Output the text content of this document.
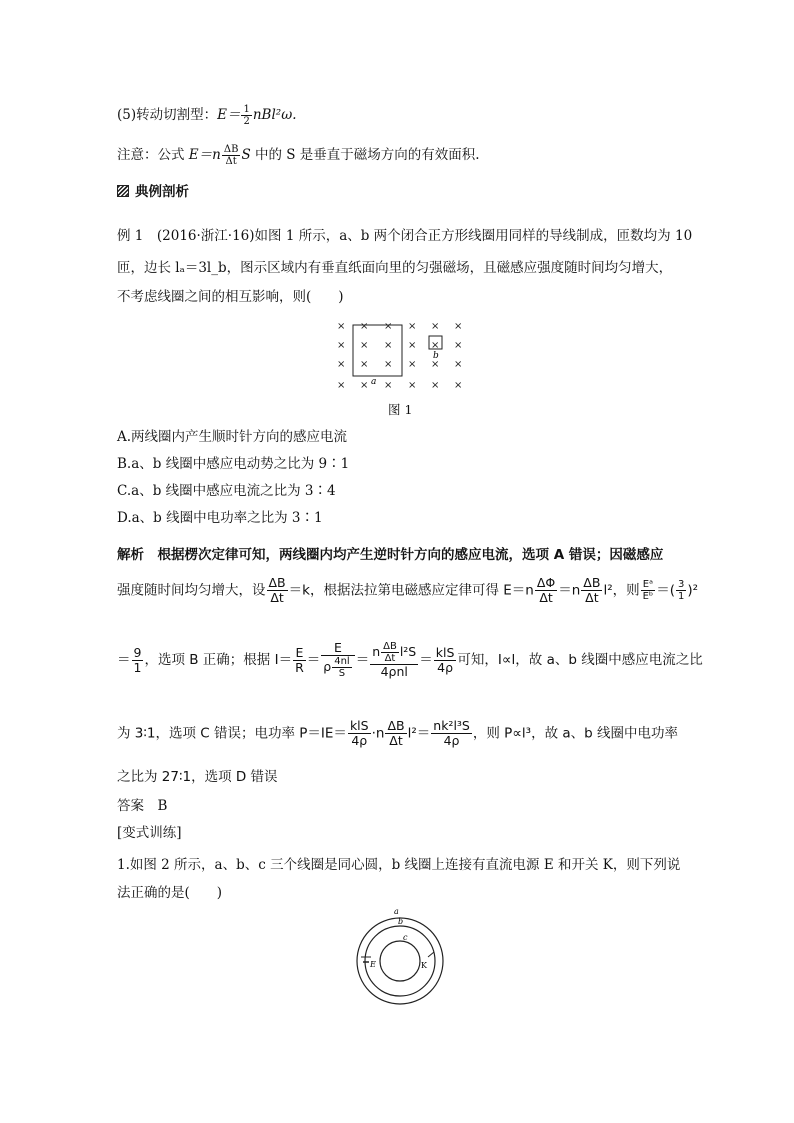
(5)转动切割型：$E= \frac{1}{2} nBl^2\omega$.
注意：公式 $E=n \frac{\Delta B}{\Delta t}$ S 中的 S 是垂直于磁场方向的有效面积.
典例剖析
例 1　(2016·浙江·16)如图 1 所示，a、b 两个闭合正方形线圈用同样的导线制成，匝数均为 10
匝，边长 lₐ＝3l_b，图示区域内有垂直纸面向里的匀强磁场，且磁感应强度随时间均匀增大，
不考虑线圈之间的相互影响，则(　　)
× × × × × ×
× × × × × ×
× × × × × ×
× × × × × ×
a
b
图 1
A.两线圈内产生顺时针方向的感应电流
B.a、b 线圈中感应电动势之比为 9∶1
C.a、b 线圈中感应电流之比为 3∶4
D.a、b 线圈中电功率之比为 3∶1
解析　根据楞次定律可知，两线圈内均产生逆时针方向的感应电流，选项 A 错误；因磁感应
强度随时间均匀增大，设 $\frac{\Delta B}{\Delta t} =k$，根据法拉第电磁感应定律可得 $E=n \frac{\Delta\Phi}{\Delta t} =n \frac{\Delta B}{\Delta t} l^2$，则 $\frac{\text{Eᵃ}}{\text{Eᵇ}}$ ＝( $\frac{3}{1} )^2$
＝ $\frac{9}{1}$ ，选项 B 正确；根据 $I= \frac{E}{R} = \frac{E}{\rho \frac{4nl}{S}} = \frac{n \frac{\Delta B}{\Delta t} l^2S}{\text{4ρnl}} = \frac{\text{klS}}{4\rho}$ 可知，I∝l，故 a、b 线圈中感应电流之比
为 3∶1，选项 C 错误；电功率 $P=IE= \frac{\text{klS}}{4\rho} \cdot n \frac{\Delta B}{\Delta t} l^2= \frac{\text{nk²l³S}}{4\rho}$ ，则 P∝l³，故 a、b 线圈中电功率
之比为 27∶1，选项 D 错误
答案　B
[变式训练]
1.如图 2 所示，a、b、c 三个线圈是同心圆，b 线圈上连接有直流电源 E 和开关 K，则下列说
法正确的是(　　)
a
b
c
E	K
